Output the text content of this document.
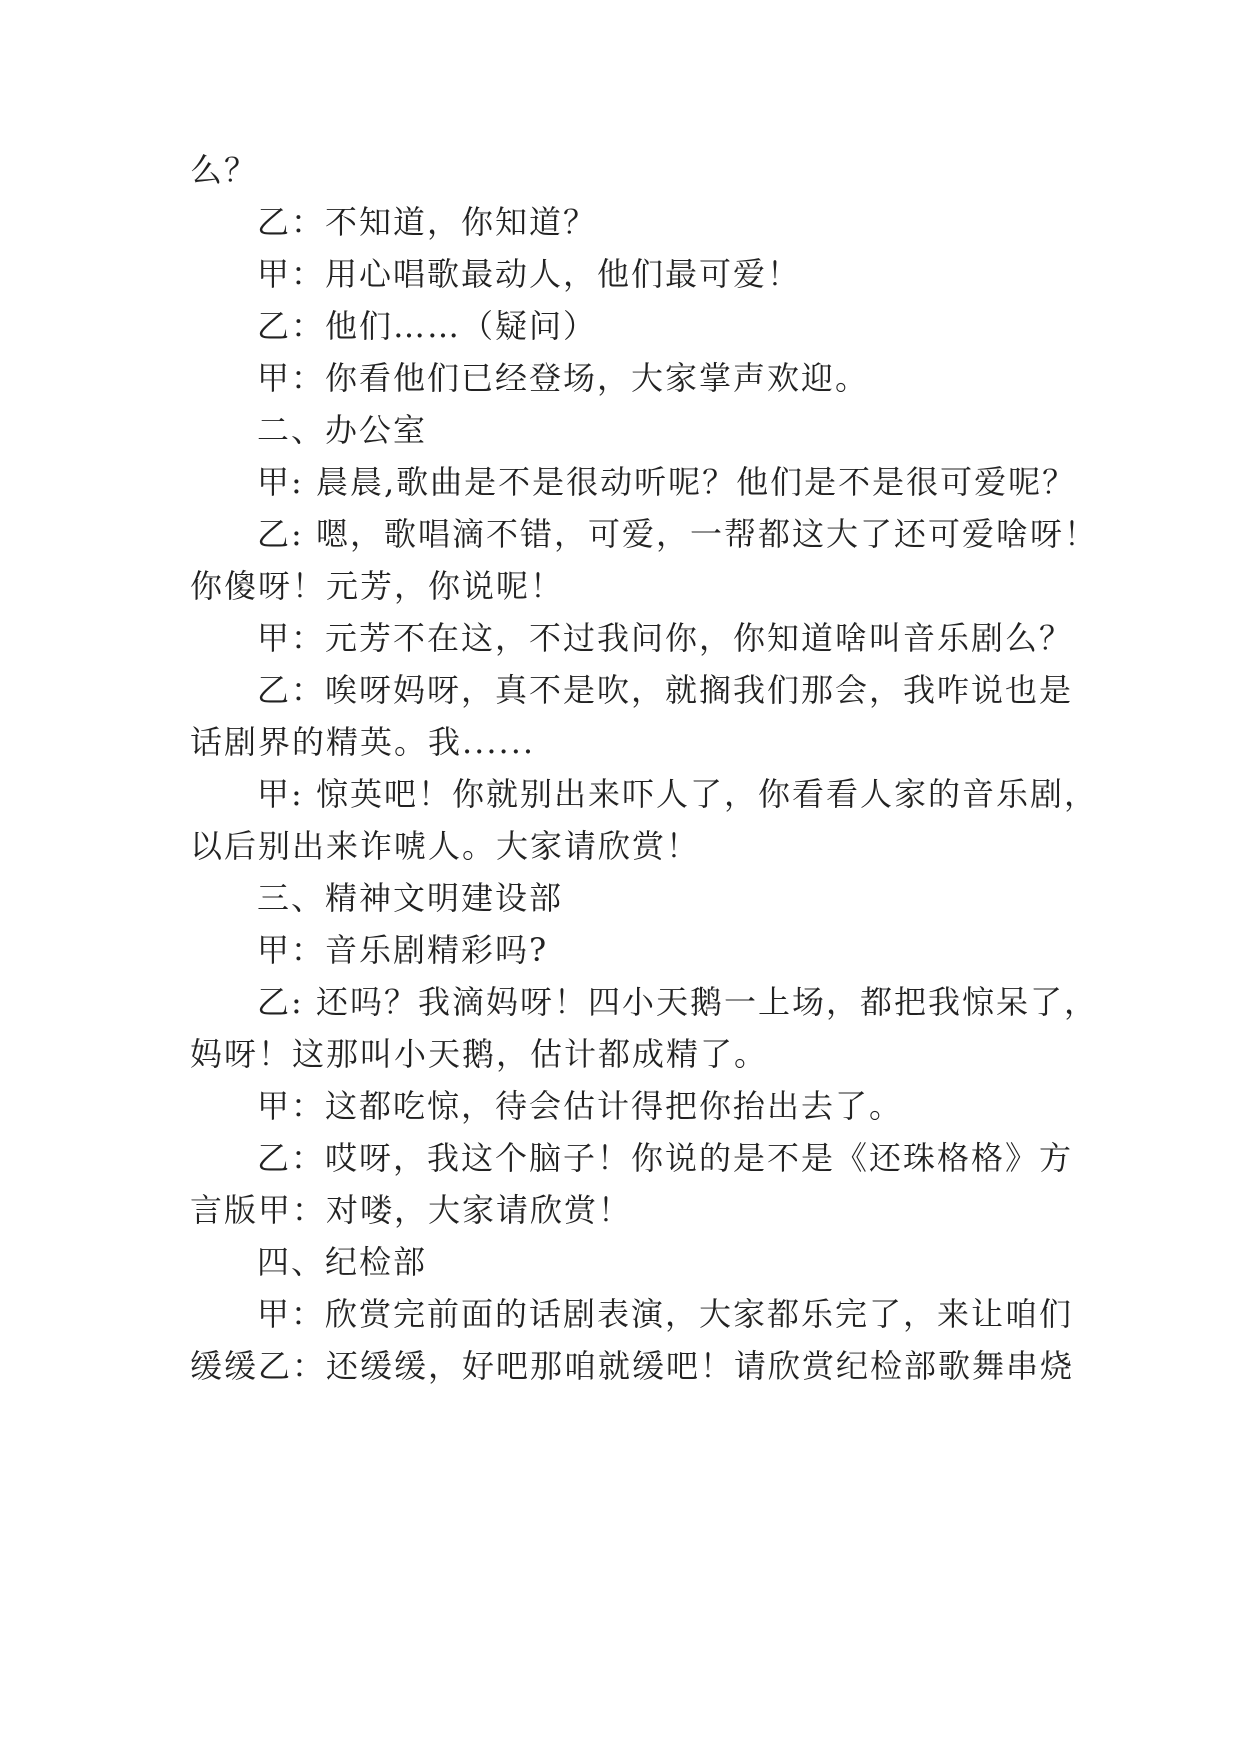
么？
乙：不知道，你知道？
甲：用心唱歌最动人，他们最可爱！
乙：他们……（疑问）
甲：你看他们已经登场，大家掌声欢迎。
二、办公室
甲: 晨晨,歌曲是不是很动听呢？他们是不是很可爱呢？
乙: 嗯，歌唱滴不错，可爱，一帮都这大了还可爱啥呀！
你傻呀！元芳，你说呢！
甲：元芳不在这，不过我问你，你知道啥叫音乐剧么？
乙：唉呀妈呀，真不是吹，就搁我们那会，我咋说也是
话剧界的精英。我......
甲: 惊英吧！你就别出来吓人了，你看看人家的音乐剧，
以后别出来诈唬人。大家请欣赏！
三、精神文明建设部
甲：音乐剧精彩吗?
乙: 还吗？我滴妈呀！四小天鹅一上场，都把我惊呆了，
妈呀！这那叫小天鹅，估计都成精了。
甲：这都吃惊，待会估计得把你抬出去了。
乙：哎呀，我这个脑子！你说的是不是《还珠格格》方
言版甲：对喽，大家请欣赏！
四、纪检部
甲：欣赏完前面的话剧表演，大家都乐完了，来让咱们
缓缓乙：还缓缓，好吧那咱就缓吧！请欣赏纪检部歌舞串烧
